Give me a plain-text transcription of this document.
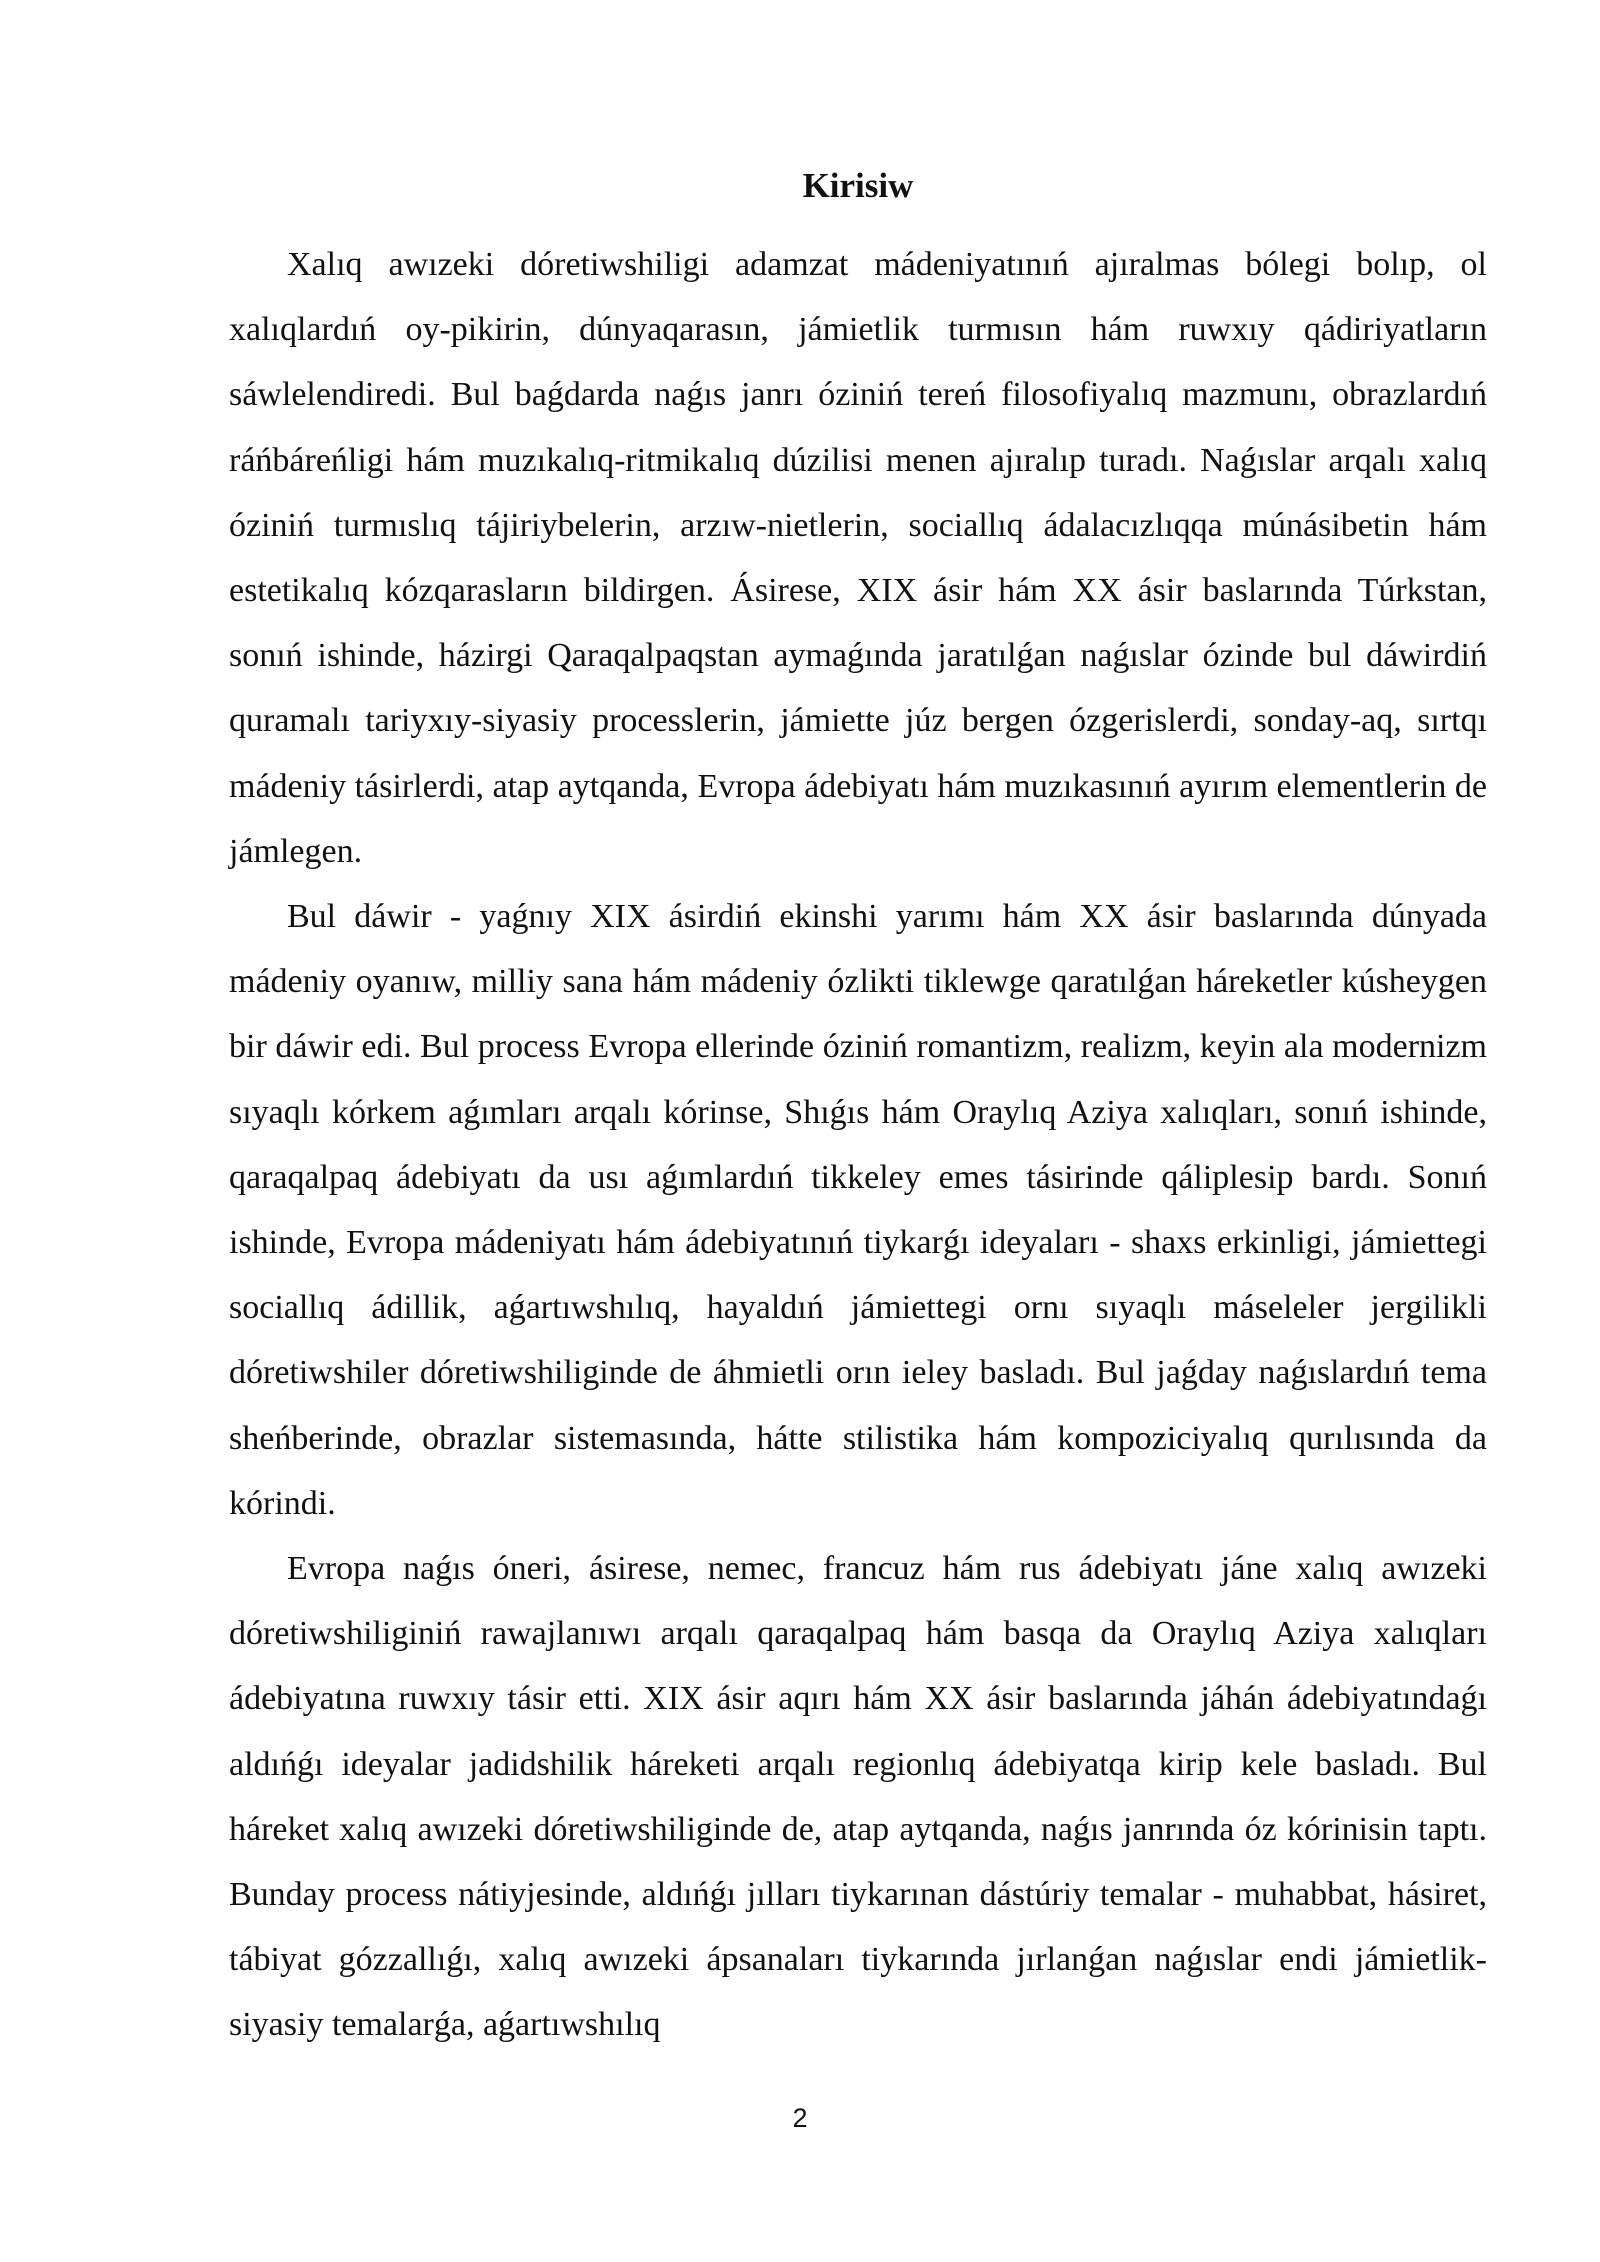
Kirisiw

Xalıq awızeki dóretiwshiligi adamzat mádeniyatınıń ajıralmas bólegi bolıp, ol xalıqlardıń oy-pikirin, dúnyaqarasın, jámietlik turmısın hám ruwxıy qádiriyatların sáwlelendiredi. Bul baǵdarda naǵıs janrı óziniń tereń filosofiyalıq mazmunı, obrazlardıń ráńbáreńligi hám muzıkalıq-ritmikalıq dúzilisi menen ajıralıp turadı. Naǵıslar arqalı xalıq óziniń turmıslıq tájiriybelerin, arzıw-nietlerin, sociallıq ádalacızlıqqa múnásibetin hám estetikalıq kózqarasların bildirgen. Ásirese, XIX ásir hám XX ásir baslarında Túrkstan, sonıń ishinde, házirgi Qaraqalpaqstan aymaǵında jaratılǵan naǵıslar ózinde bul dáwirdiń quramalı tariyxıy-siyasiy processlerin, jámiette júz bergen ózgerislerdi, sonday-aq, sırtqı mádeniy tásirlerdi, atap aytqanda, Evropa ádebiyatı hám muzıkasınıń ayırım elementlerin de jámlegen.

Bul dáwir - yaǵnıy XIX ásirdiń ekinshi yarımı hám XX ásir baslarında dúnyada mádeniy oyanıw, milliy sana hám mádeniy ózlikti tiklewge qaratılǵan háreketler kúsheygen bir dáwir edi. Bul process Evropa ellerinde óziniń romantizm, realizm, keyin ala modernizm sıyaqlı kórkem aǵımları arqalı kórinse, Shıǵıs hám Oraylıq Aziya xalıqları, sonıń ishinde, qaraqalpaq ádebiyatı da usı aǵımlardıń tikkeley emes tásirinde qáliplesip bardı. Sonıń ishinde, Evropa mádeniyatı hám ádebiyatınıń tiykarǵı ideyaları - shaxs erkinligi, jámiettegi sociallıq ádillik, aǵartıwshılıq, hayaldıń jámiettegi ornı sıyaqlı máseleler jergilikli dóretiwshiler dóretiwshiliginde de áhmietli orın ieley basladı. Bul jaǵday naǵıslardıń tema sheńberinde, obrazlar sistemasında, hátte stilistika hám kompoziciyalıq qurılısında da kórindi.

Evropa naǵıs óneri, ásirese, nemec, francuz hám rus ádebiyatı jáne xalıq awızeki dóretiwshiliginiń rawajlanıwı arqalı qaraqalpaq hám basqa da Oraylıq Aziya xalıqları ádebiyatına ruwxıy tásir etti. XIX ásir aqırı hám XX ásir baslarında jáhán ádebiyatındaǵı aldıńǵı ideyalar jadidshilik háreketi arqalı regionlıq ádebiyatqa kirip kele basladı. Bul háreket xalıq awızeki dóretiwshiliginde de, atap aytqanda, naǵıs janrında óz kórinisin taptı. Bunday process nátiyjesinde, aldıńǵı jılları tiykarınan dástúriy temalar - muhabbat, hásiret, tábiyat gózzallıǵı, xalıq awızeki ápsanaları tiykarında jırlanǵan naǵıslar endi jámietlik-siyasiy temalarǵa, aǵartıwshılıq

2
